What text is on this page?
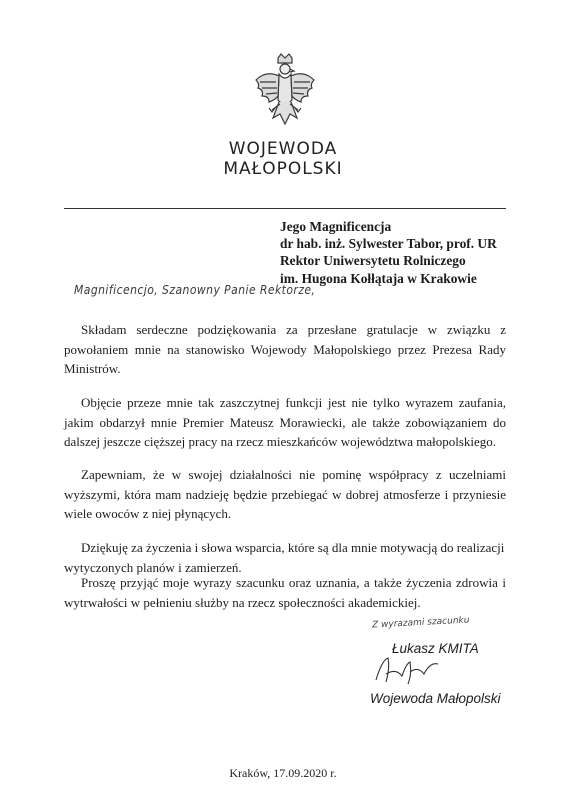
WOJEWODA
MAŁOPOLSKI
Jego Magnificencja
dr hab. inż. Sylwester Tabor, prof. UR
Rektor Uniwersytetu Rolniczego
im. Hugona Kołłątaja w Krakowie
Magnificencjo, Szanowny Panie Rektorze,

Składam serdeczne podziękowania za przesłane gratulacje w związku z powołaniem mnie na stanowisko Wojewody Małopolskiego przez Prezesa Rady Ministrów.

Objęcie przeze mnie tak zaszczytnej funkcji jest nie tylko wyrazem zaufania, jakim obdarzył mnie Premier Mateusz Morawiecki, ale także zobowiązaniem do dalszej jeszcze cięższej pracy na rzecz mieszkańców województwa małopolskiego.

Zapewniam, że w swojej działalności nie pominę współpracy z uczelniami wyższymi, która mam nadzieję będzie przebiegać w dobrej atmosferze i przyniesie wiele owoców z niej płynących.

Dziękuję za życzenia i słowa wsparcia, które są dla mnie motywacją do realizacji wytyczonych planów i zamierzeń.

Proszę przyjąć moje wyrazy szacunku oraz uznania, a także życzenia zdrowia i wytrwałości w pełnieniu służby na rzecz społeczności akademickiej.

Z wyrazami szacunku
Łukasz KMITA
Wojewoda Małopolski
Kraków, 17.09.2020 r.
